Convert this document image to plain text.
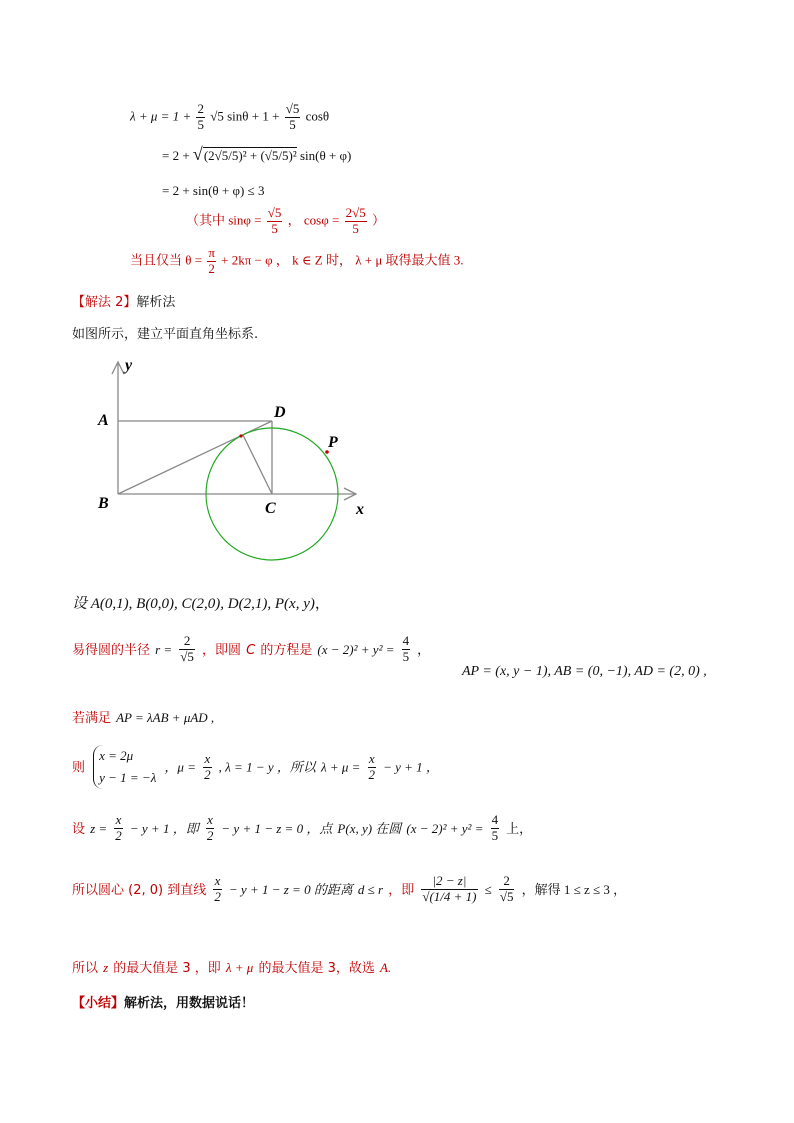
$\lambda + \mu = 1 + \frac{2}{5} √5$ $\sin\theta + 1 + \frac{√5}{5}$ cosθ
= 2 + √(2√5/5)² + (√5/5)² sin(θ + φ)
= 2 + sin(θ + φ) ≤ 3
（其中 $\sin\varphi = \frac{√5}{5}$ ， $\cos\varphi = \frac{2√5}{5}$ ）
当且仅当 $\theta = \frac{\pi}{2} + 2k\pi - \varphi$ ， k ∈ Z 时， λ + μ 取得最大值 3.
【解法 2】解析法
如图所示，建立平面直角坐标系.
y
x
A
B	C
D
P
设 A(0,1), B(0,0), C(2,0), D(2,1), P(x, y)，
易得圆的半径 $r = \frac{2}{√5}$ ，即圆 C 的方程是 $(x - 2)^2 + y^2 = \frac{4}{5}$ ，
AP = (x, y − 1), AB = (0, −1), AD = (2, 0) ,
若满足 AP = λAB + μAD ,
则
x = 2μ
y − 1 = −λ
，$\mu = \frac{x}{2}$ , λ = 1 − y ，所以 $\lambda + \mu = \frac{x}{2} - y + 1$ ，
设 $z = \frac{x}{2} - y + 1$ ，即 $\frac{x}{2} - y + 1 - z = 0$ ，点 P(x, y) 在圆 $(x - 2)^2 + y^2 = \frac{4}{5}$ 上，
所以圆心 (2, 0) 到直线 $\frac{x}{2} - y + 1 - z = 0$ 的距离 d ≤ r ，即 $\frac{|2 - z|}{√(1/4 + 1)} \le \frac{2}{√5}$ ，解得 1 ≤ z ≤ 3 ，
所以 z 的最大值是 3 ，即 λ + μ 的最大值是 3，故选 A.
【小结】解析法，用数据说话！
